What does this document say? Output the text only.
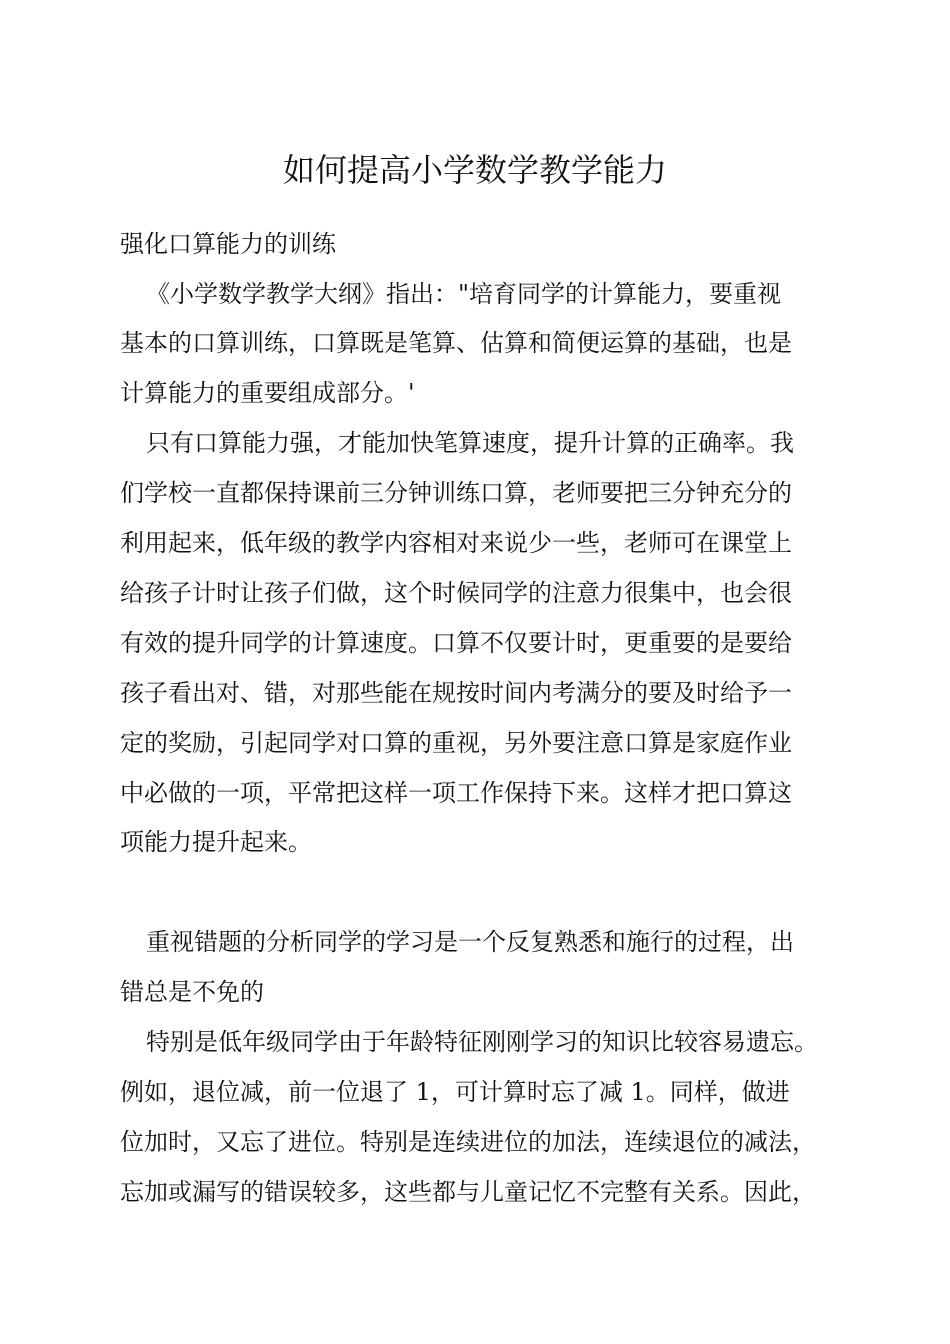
如何提高小学数学教学能力
强化口算能力的训练
《小学数学教学大纲》指出："培育同学的计算能力，要重视
基本的口算训练，口算既是笔算、估算和简便运算的基础，也是
计算能力的重要组成部分。'
只有口算能力强，才能加快笔算速度，提升计算的正确率。我
们学校一直都保持课前三分钟训练口算，老师要把三分钟充分的
利用起来，低年级的教学内容相对来说少一些，老师可在课堂上
给孩子计时让孩子们做，这个时候同学的注意力很集中，也会很
有效的提升同学的计算速度。口算不仅要计时，更重要的是要给
孩子看出对、错，对那些能在规按时间内考满分的要及时给予一
定的奖励，引起同学对口算的重视，另外要注意口算是家庭作业
中必做的一项，平常把这样一项工作保持下来。这样才把口算这
项能力提升起来。
重视错题的分析同学的学习是一个反复熟悉和施行的过程，出
错总是不免的
特别是低年级同学由于年龄特征刚刚学习的知识比较容易遗忘。
例如，退位减，前一位退了 1，可计算时忘了减 1。同样，做进
位加时，又忘了进位。特别是连续进位的加法，连续退位的减法，
忘加或漏写的错误较多，这些都与儿童记忆不完整有关系。因此，
